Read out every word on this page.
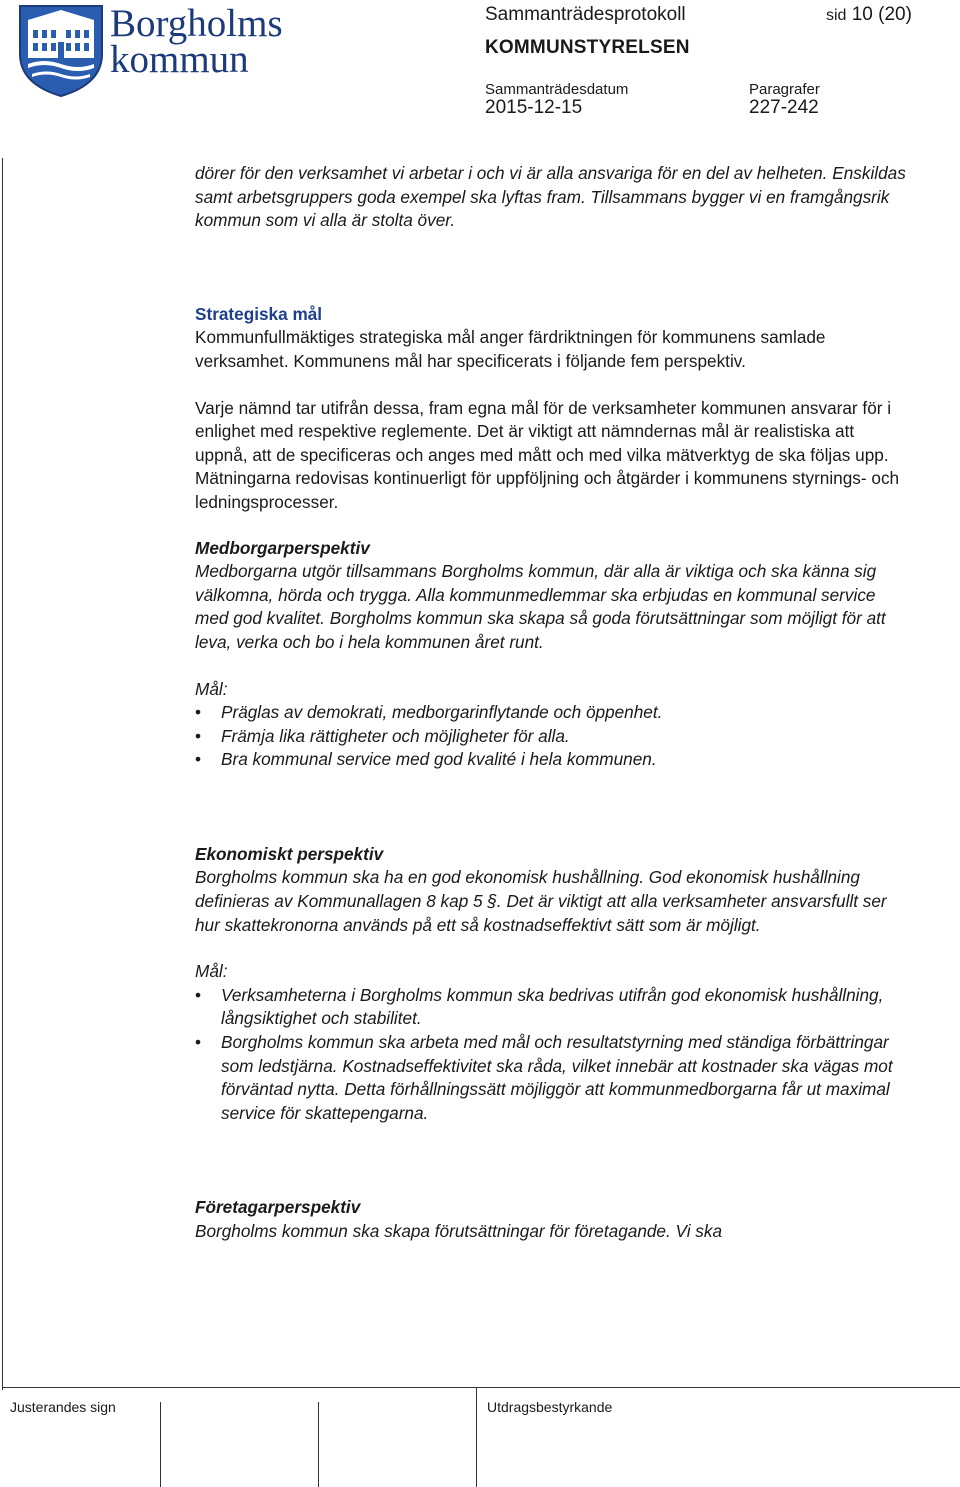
Borgholms
kommun
Sammanträdesprotokoll	sid 10 (20)
KOMMUNSTYRELSEN
Sammanträdesdatum
2015-12-15
Paragrafer
227-242

dörer för den verksamhet vi arbetar i och vi är alla ansvariga för en del av helheten. Enskildas samt arbetsgruppers goda exempel ska lyftas fram. Tillsammans bygger vi en framgångsrik kommun som vi alla är stolta över.

Strategiska mål

Kommunfullmäktiges strategiska mål anger färdriktningen för kommunens samlade verksamhet. Kommunens mål har specificerats i följande fem perspektiv.

Varje nämnd tar utifrån dessa, fram egna mål för de verksamheter kommunen ansvarar för i enlighet med respektive reglemente. Det är viktigt att nämndernas mål är realistiska att uppnå, att de specificeras och anges med mått och med vilka mätverktyg de ska följas upp. Mätningarna redovisas kontinuerligt för uppföljning och åtgärder i kommunens styrnings- och ledningsprocesser.

Medborgarperspektiv

Medborgarna utgör tillsammans Borgholms kommun, där alla är viktiga och ska känna sig välkomna, hörda och trygga. Alla kommunmedlemmar ska erbjudas en kommunal service med god kvalitet. Borgholms kommun ska skapa så goda förutsättningar som möjligt för att leva, verka och bo i hela kommunen året runt.

Mål:

• Präglas av demokrati, medborgarinflytande och öppenhet.
• Främja lika rättigheter och möjligheter för alla.
• Bra kommunal service med god kvalité i hela kommunen.

Ekonomiskt perspektiv

Borgholms kommun ska ha en god ekonomisk hushållning. God ekonomisk hushållning definieras av Kommunallagen 8 kap 5 §. Det är viktigt att alla verksamheter ansvarsfullt ser hur skattekronorna används på ett så kostnadseffektivt sätt som är möjligt.

Mål:

• Verksamheterna i Borgholms kommun ska bedrivas utifrån god ekonomisk hushållning, långsiktighet och stabilitet.
• Borgholms kommun ska arbeta med mål och resultatstyrning med ständiga förbättringar som ledstjärna. Kostnadseffektivitet ska råda, vilket innebär att kostnader ska vägas mot förväntad nytta. Detta förhållningssätt möjliggör att kommunmedborgarna får ut maximal service för skattepengarna.

Företagarperspektiv

Borgholms kommun ska skapa förutsättningar för företagande. Vi ska

Justerandes sign	Utdragsbestyrkande
